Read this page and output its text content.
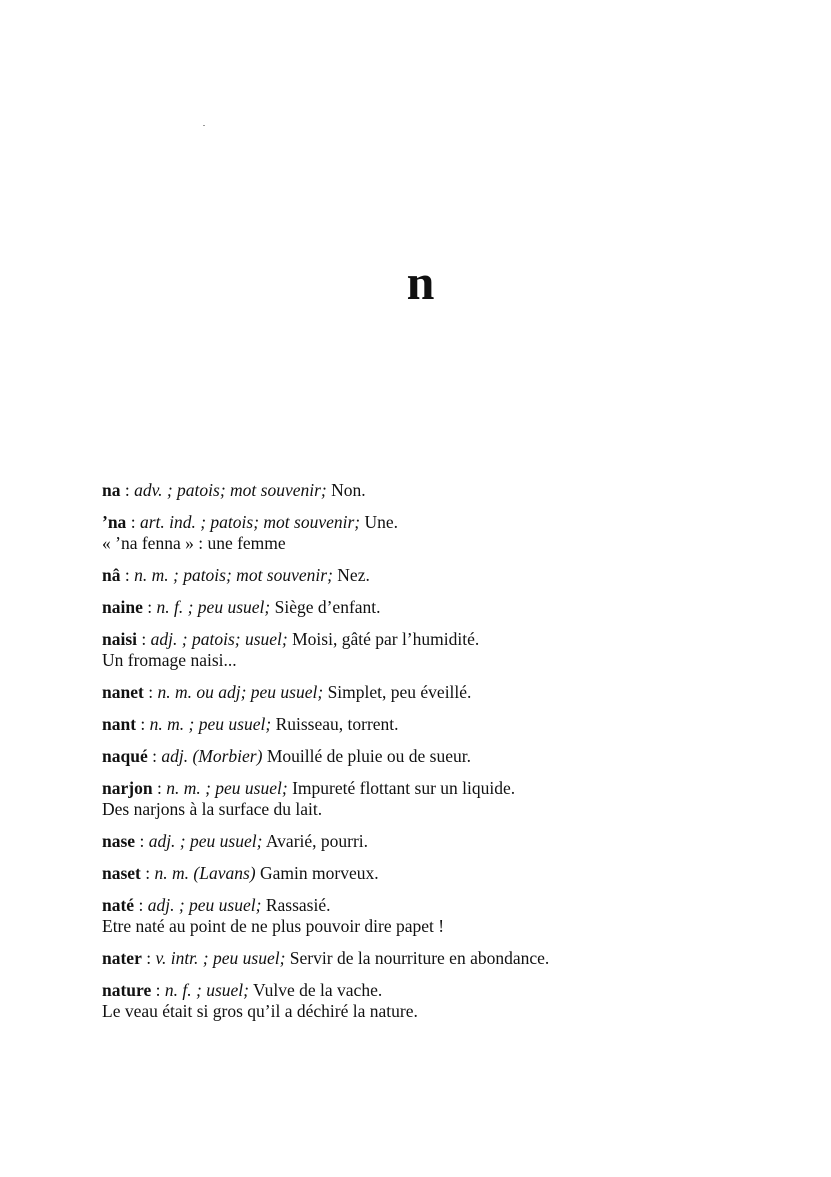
n
na : adv. ; patois; mot souvenir; Non.
’na : art. ind. ; patois; mot souvenir; Une.
« ’na fenna » : une femme
nâ : n. m. ; patois; mot souvenir; Nez.
naine : n. f. ; peu usuel; Siège d’enfant.
naisi : adj. ; patois; usuel; Moisi, gâté par l’humidité.
Un fromage naisi...
nanet : n. m. ou adj; peu usuel; Simplet, peu éveillé.
nant : n. m. ; peu usuel; Ruisseau, torrent.
naqué : adj. (Morbier) Mouillé de pluie ou de sueur.
narjon : n. m. ; peu usuel; Impureté flottant sur un liquide.
Des narjons à la surface du lait.
nase : adj. ; peu usuel; Avarié, pourri.
naset : n. m. (Lavans) Gamin morveux.
naté : adj. ; peu usuel; Rassasié.
Etre naté au point de ne plus pouvoir dire papet !
nater : v. intr. ; peu usuel; Servir de la nourriture en abondance.
nature : n. f. ; usuel; Vulve de la vache.
Le veau était si gros qu’il a déchiré la nature.
